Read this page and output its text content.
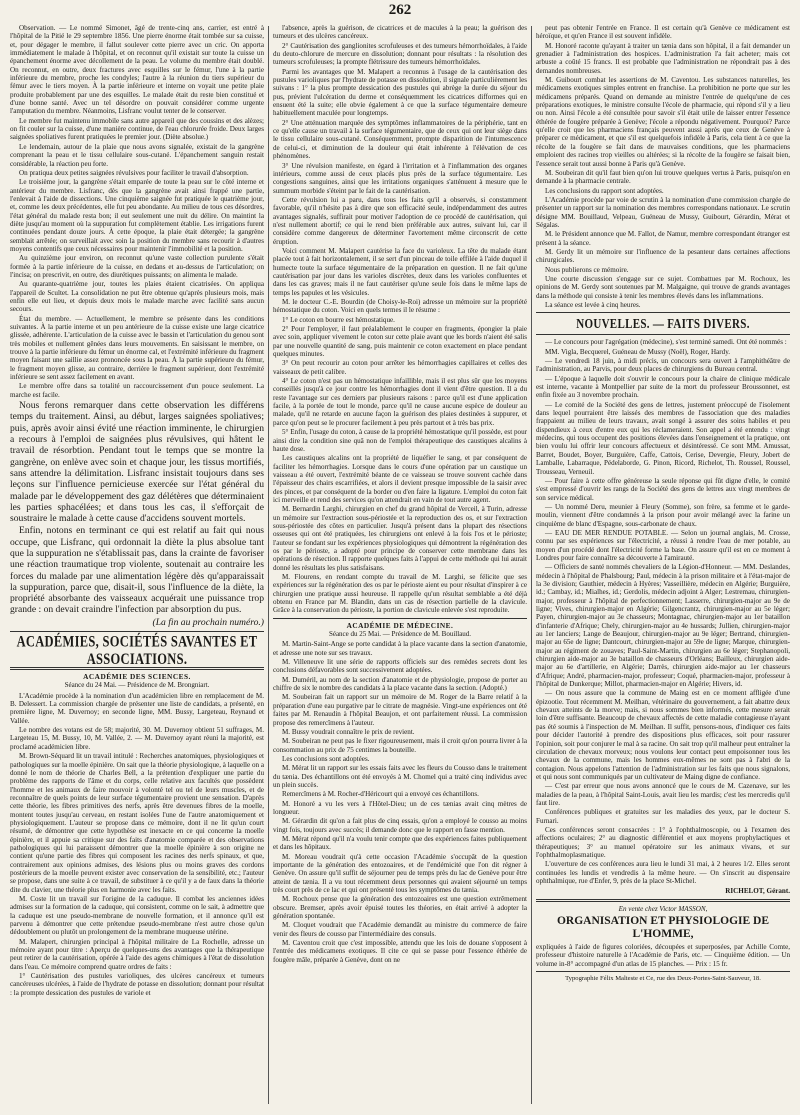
262

Observation. — Le nommé Simonet, âgé de trente-cinq ans, carrier, est entré à l'hôpital de la Pitié le 29 septembre 1856. Une pierre énorme était tombée sur sa cuisse, et, pour dégager le membre, il fallut soulever cette pierre avec un cric. On apporta immédiatement le malade à l'hôpital, et on reconnut qu'il existait sur toute la cuisse un épanchement énorme avec décollement de la peau. Le volume du membre était doublé. On reconnut, en outre, deux fractures avec esquilles sur le fémur, l'une à la partie inférieure du membre, proche les condyles; l'autre à la réunion du tiers supérieur du fémur avec le tiers moyen. À la partie inférieure et interne on voyait une petite plaie produite probablement par une des esquilles. Le malade était du reste bien constitué et d'une bonne santé. Avec un tel désordre on pouvait considérer comme urgente l'amputation du membre. Néanmoins, Lisfranc voulut tenter de le conserver.

Le membre fut maintenu immobile sans autre appareil que des coussins et des alèzes; on fit couler sur la cuisse, d'une manière continue, de l'eau chlorurée froide. Deux larges saignées spoliatives furent pratiquées le premier jour. (Diète absolue.)

Le lendemain, autour de la plaie que nous avons signalée, existait de la gangrène comprenant la peau et le tissu cellulaire sous-cutané. L'épanchement sanguin restait considérable, la réaction peu forte.

On pratiqua deux petites saignées révulsives pour faciliter le travail d'absorption.

Le troisième jour, la gangrène s'était emparée de toute la peau sur le côté interne et antérieur du membre. Lisfranc, dès que la gangrène avait ainsi frappé une partie, l'enlevait à l'aide de dissections. Une cinquième saignée fut pratiquée le quatrième jour, et, comme les deux précédentes, elle fut peu abondante. Au milieu de tous ces désordres, l'état général du malade resta bon; il eut seulement une nuit du délire. On maintint la diète jusqu'au moment où la suppuration fut complètement établie. Les irrigations furent continuées pendant douze jours. À cette époque, la plaie était détergée; la gangrène semblait arrêtée; on surveillait avec soin la position du membre sans recourir à d'autres moyens contentifs que ceux nécessaires pour maintenir l'immobilité et la position.

Au quinzième jour environ, on reconnut qu'une vaste collection purulente s'était formée à la partie inférieure de la cuisse, en dedans et au-dessus de l'articulation; on l'incisa; on prescrivit, en outre, des diurétiques puissants; on alimenta le malade.

Au quarante-quatrième jour, toutes les plaies étaient cicatrisées. On appliqua l'appareil de Scultet. La consolidation ne put être obtenue qu'après plusieurs mois, mais enfin elle eut lieu, et depuis deux mois le malade marche avec facilité sans aucun secours.

État du membre. — Actuellement, le membre se présente dans les conditions suivantes. À la partie interne et un peu antérieure de la cuisse existe une large cicatrice glissée, adhérente. L'articulation de la cuisse avec le bassin et l'articulation du genou sont très mobiles et nullement gênées dans leurs mouvements. En saisissant le membre, on trouve à la partie inférieure du fémur un énorme cal, et l'extrémité inférieure du fragment moyen faisant une saillie assez prononcée sous la peau. À la partie supérieure du fémur, le fragment moyen glisse, au contraire, derrière le fragment supérieur, dont l'extrémité inférieure se sent assez facilement en avant.

Le membre offre dans sa totalité un raccourcissement d'un pouce seulement. La marche est facile.

Nous ferons remarquer dans cette observation les différens temps du traitement. Ainsi, au début, larges saignées spoliatives; puis, après avoir ainsi évité une réaction imminente, le chirurgien a recours à l'emploi de saignées plus révulsives, qui hâtent le travail de résorbtion. Pendant tout le temps que se montre la gangrène, on enlève avec soin et chaque jour, les tissus mortifiés, sans attendre la délimitation. Lisfranc insistait toujours dans ses leçons sur l'influence pernicieuse exercée sur l'état général du malade par le développement des gaz délétères que déterminaient les parties sphacélées; et dans tous les cas, il s'efforçait de soustraire le malade à cette cause d'accidens souvent mortels.

Enfin, notons en terminant ce qui est relatif au fait qui nous occupe, que Lisfranc, qui ordonnait la diète la plus absolue tant que la suppuration ne s'établissait pas, dans la crainte de favoriser une réaction traumatique trop violente, soutenait au contraire les forces du malade par une alimentation légère dès qu'apparaissait la suppuration, parce que, disait-il, sous l'influence de la diète, la propriété absorbante des vaisseaux acquérait une puissance trop grande : on devait craindre l'infection par absorption du pus.

(La fin au prochain numéro.)

ACADÉMIES, SOCIÉTÉS SAVANTES ET ASSOCIATIONS.
ACADÉMIE DES SCIENCES.
Séance du 24 Mai. — Présidence de M. Brongniart.

L'Académie procède à la nomination d'un académicien libre en remplacement de M. B. Delessert. La commission chargée de présenter une liste de candidats, a présenté, en première ligne, M. Duvernoy; en seconde ligne, MM. Bussy, Largeteau, Reynaud et Vallée.

Le nombre des votans est de 58; majorité, 30. M. Duvernoy obtient 51 suffrages, M. Largeteau 15, M. Bussy, 10, M. Vallée, 2. — M. Duvernoy ayant réuni la majorité, est proclamé académicien libre.

M. Brown-Séquard lit un travail intitulé : Recherches anatomiques, physiologiques et pathologiques sur la moelle épinière. On sait que la théorie physiologique, à laquelle on a donné le nom de théorie de Charles Bell, a la prétention d'expliquer une partie du problème des rapports de l'âme et du corps, celle relative aux facultés que possèdent l'homme et les animaux de faire mouvoir à volonté tel ou tel de leurs muscles, et de reconnaître de quels points de leur surface tégumentaire provient une sensation. D'après cette théorie, les fibres primitives des nerfs, après être devenues fibres de la moelle, montent toutes jusqu'au cerveau, en restant isolées l'une de l'autre anatomiquement et physiologiquement. L'auteur se propose dans ce mémoire, dont il ne lit qu'un court résumé, de démontrer que cette hypothèse est inexacte en ce qui concerne la moelle épinière, et il appuie sa critique sur des faits d'anatomie comparée et des observations pathologiques qui lui paraissent démontrer que la moelle épinière à son origine ne contient qu'une partie des fibres qui composent les racines des nerfs spinaux, et que, contrairement aux opinions admises, des lésions plus ou moins graves des cordons postérieurs de la moelle peuvent exister avec conservation de la sensibilité, etc.; l'auteur se propose, dans une suite à ce travail, de substituer à ce qu'il y a de faux dans la théorie dite du clavier, une théorie plus en harmonie avec les faits.

M. Coste lit un travail sur l'origine de la caduque. Il combat les anciennes idées admises sur la formation de la caduque, qui consistent, comme on le sait, à admettre que la caduque est une pseudo-membrane de nouvelle formation, et il annonce qu'il est parvenu à démontrer que cette prétendue pseudo-membrane n'est autre chose qu'un dédoublement ou plutôt un prolongement de la membrane muqueuse utérine.

M. Malapert, chirurgien principal à l'hôpital militaire de La Rochelle, adresse un mémoire ayant pour titre : Aperçu de quelques-uns des avantages que la thérapeutique peut retirer de la cautérisation, opérée à l'aide des agens chimiques à l'état de dissolution dans l'eau. Ce mémoire comprend quatre ordres de faits :

1° Cautérisation des pustules varioliques, des ulcères cancéreux et tumeurs cancéreuses ulcérées, à l'aide de l'hydrate de potasse en dissolution; donnant pour résultat : la prompte dessication des pustules de variole et

l'absence, après la guérison, de cicatrices et de macules à la peau; la guérison des tumeurs et des ulcères cancéreux.

2° Cautérisation des ganglionites scrofuleuses et des tumeurs hémorrhoïdales, à l'aide du deuto-chlorure de mercure en dissolution; donnant pour résultats : la résolution des tumeurs scrofuleuses; la prompte flétrissure des tumeurs hémorrhoïdales.

Parmi les avantages que M. Malapert a reconnus à l'usage de la cautérisation des pustules varioliques par l'hydrate de potasse en dissolution, il signale particulièrement les suivans : 1° la plus prompte dessication des pustules qui abrège la durée du séjour du pus, prévient l'ulcération du derme et conséquemment les cicatrices difformes qui en ensuent été la suite; elle obvie également à ce que la surface tégumentaire demeure habituellement maculée pour longtemps.

2° Une atténuation marquée des symptômes inflammatoires de la périphérie, tant en ce qu'elle cause un travail à la surface tégumentaire, que de ceux qui ont leur siège dans le tissu cellulaire sous-cutané. Conséquemment, prompte disparition de l'intumescence de celui-ci, et diminution de la douleur qui était inhérente à l'élévation de ces phénomènes.

3° Une révulsion manifeste, en égard à l'irritation et à l'inflammation des organes intérieurs, comme aussi de ceux placés plus près de la surface tégumentaire. Les congestions sanguines, ainsi que les irritations organiques s'atténuent à mesure que le summum morbide s'éteint par le fait de la cautérisation.

Cette révulsion lui a paru, dans tous les faits qu'il a observés, si constamment favorable, qu'il n'hésite pas à dire que son efficacité seule, indépendamment des autres avantages signalés, suffirait pour motiver l'adoption de ce procédé de cautérisation, qui n'est nullement abortif; ce qui le rend bien préférable aux autres, suivant lui, car il considère comme dangereux de déterminer l'avortement même circonscrit de cette éruption.

Voici comment M. Malapert cautérise la face du varioleux. La tête du malade étant placée tout à fait horizontalement, il se sert d'un pinceau de toile effilée à l'aide duquel il humecte toute la surface tégumentaire de la préparation en question. Il ne fait qu'une cautérisation par jour dans les varioles discrètes, deux dans les varioles confluentes et dans les cas graves; mais il ne faut cautériser qu'une seule fois dans le même laps de temps les papules et les vésicules.

M. le docteur C.-E. Bourdin (de Choisy-le-Roi) adresse un mémoire sur la propriété hémostatique du coton. Voici en quels termes il le résume :

1° Le coton en bourre est hémostatique.

2° Pour l'employer, il faut préalablement le couper en fragments, épongier la plaie avec soin, appliquer vivement le coton sur cette plaie avant que les bords n'aient été salis par une nouvelle quantité de sang, puis maintenir ce coton exactement en place pendant quelques minutes.

3° On peut recourir au coton pour arrêter les hémorrhagies capillaires et celles des vaisseaux de petit calibre.

4° Le coton n'est pas un hémostatique infaillible, mais il est plus sûr que les moyens conseillés jusqu'à ce jour contre les hémorrhagies dont il vient d'être question. Il a du reste l'avantage sur ces derniers par plusieurs raisons : parce qu'il est d'une application facile, à la portée de tout le monde, parce qu'il ne cause aucune espèce de douleur au malade, qu'il ne retarde en aucune façon la guérison des plaies destinées à suppurer, et parce qu'on peut se le procurer facilement à peu près partout et à très bas prix.

5° Enfin, l'usage du coton, à cause de la propriété hémostatique qu'il possède, est pour ainsi dire la condition sine quâ non de l'emploi thérapeutique des caustiques alcalins à haute dose.

Les caustiques alcalins ont la propriété de liquéfier le sang, et par conséquent de faciliter les hémorrhagies. Lorsque dans le cours d'une opération par un caustique un vaisseau a été ouvert, l'extrémité béante de ce vaisseau se trouve souvent cachée dans l'épaisseur des chairs escarrifiées, et alors il devient presque impossible de la saisir avec des pinces, et par conséquent de la border ou d'en faire la ligature. L'emploi du coton fait ici merveille et rend des services qu'on attendrait en vain de tout autre agent.

M. Bernardin Larghi, chirurgien en chef du grand hôpital de Verceil, à Turin, adresse un mémoire sur l'extraction sous-périostée et la reproduction des os, et sur l'extraction sous-périostée des côtes en particulier. Jusqu'à présent dans la plupart des résections osseuses qui ont été pratiquées, les chirurgiens ont enlevé à la fois l'os et le périoste; l'auteur se fondant sur les expériences physiologiques qui démontrent la régénération des os par le périoste, a adopté pour principe de conserver cette membrane dans les opérations de résection. Il rapporte quelques faits à l'appui de cette méthode qui lui aurait donné les résultats les plus satisfaisans.

M. Flourens, en rendant compte du travail de M. Larghi, se félicite que ses expériences sur la régénération des os par le périoste aient eu pour résultat d'inspirer à ce chirurgien une pratique aussi heureuse. Il rappelle qu'un résultat semblable a été déjà obtenu en France par M. Blandin, dans un cas de résection partielle de la clavicule. Grâce à la conservation du périoste, la portion de clavicule enlevée s'est reproduite.

ACADÉMIE DE MÉDECINE.
Séance du 25 Mai. — Présidence de M. Bouillaud.

M. Martin-Saint-Ange se porte candidat à la place vacante dans la section d'anatomie, et adresse une note sur ses travaux.

M. Villeneuve lit une série de rapports officiels sur des remèdes secrets dont les conclusions défavorables sont successivement adoptées.

M. Duméril, au nom de la section d'anatomie et de physiologie, propose de porter au chiffre de six le nombre des candidats à la place vacante dans la section. (Adopté.)

M. Soubeiran fait un rapport sur un mémoire de M. Roger de la Barre relatif à la préparation d'une eau purgative par le citrate de magnésie. Vingt-une expériences ont été faites par M. Renaudin à l'hôpital Beaujon, et ont parfaitement réussi. La commission propose des remercîmens à l'auteur.

M. Bussy voudrait connaître le prix de revient.

M. Soubeiran ne peut pas le fixer rigoureusement, mais il croit qu'on pourra livrer à la consommation au prix de 75 centimes la bouteille.

Les conclusions sont adoptées.

M. Mérat lit un rapport sur les essais faits avec les fleurs du Cousso dans le traitement du tænia. Des échantillons ont été envoyés à M. Chomel qui a traité cinq individus avec un plein succès.

Remercîmens à M. Rocher-d'Héricourt qui a envoyé ces échantillons.

M. Honoré a vu les vers à l'Hôtel-Dieu; un de ces tænias avait cinq mètres de longueur.

M. Gérardin dit qu'on a fait plus de cinq essais, qu'on a employé le cousso au moins vingt fois, toujours avec succès; il demande donc que le rapport en fasse mention.

M. Mérat répond qu'il n'a voulu tenir compte que des expériences faites publiquement et dans les hôpitaux.

M. Moreau voudrait qu'à cette occasion l'Académie s'occupât de la question importante de la génération des entozoaires, et de l'endémicité que l'on dit régner à Genève. On assure qu'il suffit de séjourner peu de temps près du lac de Genève pour être atteint de tænia. Il a vu tout récemment deux personnes qui avaient séjourné un temps très court près de ce lac et qui ont présenté tous les symptômes du tænia.

M. Rochoux pense que la génération des entozoaires est une question extrêmement obscure. Bremser, après avoir épuisé toutes les théories, en était arrivé à adopter la génération spontanée.

M. Cloquet voudrait que l'Académie demandât au ministre du commerce de faire venir des fleurs de cousso par l'intermédiaire des consuls.

M. Caventou croit que c'est impossible, attendu que les lois de douane s'opposent à l'entrée des médicamens exotiques. Il cite ce qui se passe pour l'essence éthérée de fougère mâle, préparée à Genève, dont on ne

peut pas obtenir l'entrée en France. Il est certain qu'à Genève ce médicament est héroïque, et qu'en France il est souvent infidèle.

M. Honoré raconte qu'ayant à traiter un tænia dans son hôpital, il a fait demander un grenadier à l'administration des hospices. L'administration l'a fait acheter; mais cet arbuste a coûté 15 francs. Il est probable que l'administration ne répondrait pas à des demandes nombreuses.

M. Guibourt combat les assertions de M. Caventou. Les substances naturelles, les médicamens exotiques simples entrent en franchise. La prohibition ne porte que sur les médicamens préparés. Quand on demande au ministre l'entrée de quelqu'une de ces préparations exotiques, le ministre consulte l'école de pharmacie, qui répond s'il y a lieu ou non. Ainsi l'école a été consultée pour savoir s'il était utile de laisser entrer l'essence éthérée de fougère préparée à Genève; l'école a répondu négativement. Pourquoi? Parce qu'elle croit que les pharmaciens français peuvent aussi après que ceux de Genève à préparer ce médicament, et que s'il est quelquefois infidèle à Paris, cela tient à ce que la récolte de la fougère se fait dans de mauvaises conditions, que les pharmaciens emploient des racines trop vieilles ou altérées; si la récolte de la fougère se faisait bien, l'essence serait tout aussi bonne à Paris qu'à Genève.

M. Soubeiran dit qu'il faut bien qu'on lui trouve quelques vertus à Paris, puisqu'on en demande à la pharmacie centrale.

Les conclusions du rapport sont adoptées.

L'Académie procède par voie de scrutin à la nomination d'une commission chargée de présenter un rapport sur la nomination des membres correspondans nationaux. Le scrutin désigne MM. Bouillaud, Velpeau, Guéneau de Mussy, Guibourt, Gérardin, Mérat et Ségalas.

M. le Président annonce que M. Fallot, de Namur, membre correspondant étranger est présent à la séance.

M. Gerdy lit un mémoire sur l'influence de la pesanteur dans certaines affections chirurgicales.

Nous publierons ce mémoire.

Une courte discussion s'engage sur ce sujet. Combattues par M. Rochoux, les opinions de M. Gerdy sont soutenues par M. Malgaigne, qui trouve de grands avantages dans la méthode qui consiste à tenir les membres élevés dans les inflammations.

La séance est levée à cinq heures.

NOUVELLES. — FAITS DIVERS.

— Le concours pour l'agrégation (médecine), s'est terminé samedi. Ont été nommés :

MM. Vigla, Becquerel, Guéneau de Mussy (Noël), Roger, Hardy.

— Le vendredi 18 juin, à midi précis, un concours sera ouvert à l'amphithéâtre de l'administration, au Parvis, pour deux places de chirurgiens du Bureau central.

— L'époque à laquelle doit s'ouvrir le concours pour la chaire de clinique médicale est interne, vacante à Montpellier par suite de la mort du professeur Broussonnet, est enfin fixée au 3 novembre prochain.

— Le comité de la Société des gens de lettres, justement préoccupé de l'isolement dans lequel pourraient être laissés des membres de l'association que des maladies frappaient au milieu de leurs travaux, avait songé à assurer des soins habiles et peu dispendieux à ceux d'entre eux qui les réclameraient. Son appel a été entendu : vingt médecins, qui tous occupent des positions élevées dans l'enseignement et la pratique, ont bien voulu lui offrir leur concours affectueux et désintéressé. Ce sont MM. Amussat, Barret, Boudet, Boyer, Burguière, Caffe, Cattois, Cerise, Devergie, Fleury, Jobert de Lamballe, Labarraque, Pédelaborde, G. Pinon, Ricord, Richelot, Th. Roussel, Roussel, Trousseau, Verneuil.

— Pour faire à cette offre généreuse la seule réponse qui fût digne d'elle, le comité s'est empressé d'ouvrir les rangs de la Société des gens de lettres aux vingt membres de son service médical.

— Un nommé Deru, meunier à Fleury (Somme), son frère, sa femme et le garde-moulin, viennent d'être condamnés à la prison pour avoir mélangé avec la farine un cinquième de blanc d'Espagne, sous-carbonate de chaux.

— EAU DE MER RENDUE POTABLE. — Selon un journal anglais, M. Crosse, connu par ses expériences sur l'électricité, a réussi à rendre l'eau de mer potable, au moyen d'un procédé dont l'électricité forme la base. On assure qu'il est en ce moment à Londres pour faire connaître sa découverte à l'amirauté.

— Officiers de santé nommés chevaliers de la Légion-d'Honneur. — MM. Deslandes, médecin à l'hôpital de Phalsbourg; Paul, médecin à la prison militaire et à l'état-major de la 3e division; Gauthier, médecin à Hyères; Vasseillière, médecin en Algérie; Burguière, id.; Cambay, id.; Mialhes, id.; Gerdolis, médecin adjoint à Alger; Lestremau, chirurgien-major, professeur à l'hôpital de perfectionnement; Lasserre, chirurgien-major au 9e de ligne; Vives, chirurgien-major en Algérie; Gilgencrantz, chirurgien-major au 5e léger; Payen, chirurgien-major au 3e chasseurs; Montagnac, chirurgien-major au 1er bataillon d'infanterie d'Afrique; Chely, chirurgien-major au 4e hussards; Jullien, chirurgien-major au 1er lanciers; Lange de Beaujour, chirurgien-major au 9e léger; Bertrand, chirurgien-major au 65e de ligne; Dantcourt, chirurgien-major au 59e de ligne; Marque, chirurgien-major au régiment de zouaves; Paul-Saint-Martin, chirurgien au 6e léger; Stephanopoli, chirurgien aide-major au 3e bataillon de chasseurs d'Orléans; Bailleux, chirurgien aide-major au 6e d'artillerie, en Algérie; Darrès, chirurgien aide-major au 1er chasseurs d'Afrique; André, pharmacien-major, professeur; Coqué, pharmacien-major, professeur à l'hôpital de Dunkerque; Millot, pharmacien-major en Algérie; Hivers, id.

— On nous assure que la commune de Maing est en ce moment affligée d'une épizootie. Tout récemment M. Meilhan, vétérinaire du gouvernement, a fait abattre deux chevaux atteints de la morve; mais, si nous sommes bien informés, cette mesure serait loin d'être suffisante. Beaucoup de chevaux affectés de cette maladie contagieuse n'ayant pas été soumis à l'inspection de M. Meilhan. Il suffit, pensons-nous, d'indiquer ces faits pour décider l'autorité à prendre des dispositions plus efficaces, soit pour rassurer l'opinion, soit pour conjurer le mal à sa racine. On sait trop qu'il malheur peut entraîner la circulation de chevaux morveux; nous voulons leur contact peut empoisonner tous les chevaux de la commune, mais les hommes eux-mêmes ne sont pas à l'abri de la contagion. Nous appelons l'attention de l'administration sur les faits que nous signalons, et qui nous sont communiqués par un cultivateur de Maing digne de confiance.

— C'est par erreur que nous avons annoncé que le cours de M. Cazenave, sur les maladies de la peau, à l'hôpital Saint-Louis, avait lieu les mardis; c'est les mercredis qu'il faut lire.

Conférences publiques et gratuites sur les maladies des yeux, par le docteur S. Furnari.

Ces conférences seront consacrées : 1° à l'ophthalmoscopie, ou à l'examen des affections oculaires; 2° au diagnostic différentiel et aux moyens prophylactiques et thérapeutiques; 3° au manuel opératoire sur les animaux vivans, et sur l'ophthalmoplasmatique.

L'ouverture de ces conférences aura lieu le lundi 31 mai, à 2 heures 1/2. Elles seront continuées les lundis et vendredis à la même heure. — On s'inscrit au dispensaire ophthalmique, rue d'Enfer, 9, près de la place St-Michel.

RICHELOT, Gérant.
En vente chez Victor MASSON,
ORGANISATION ET PHYSIOLOGIE DE L'HOMME,

expliquées à l'aide de figures coloriées, découpées et superposées, par Achille Comte, professeur d'histoire naturelle à l'Académie de Paris, etc. — Cinquième édition. — Un volume in-8° accompagné d'un atlas de 15 planches. — Prix : 15 fr.

Typographie Félix Malteste et Ce, rue des Deux-Portes-Saint-Sauveur, 18.
